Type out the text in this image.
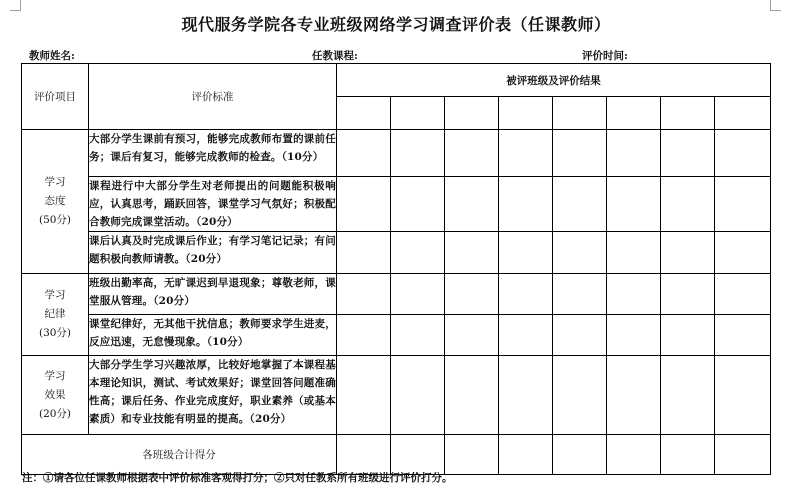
现代服务学院各专业班级网络学习调查评价表（任课教师）
教师姓名:	任教课程:	评价时间:
评价项目	评价标准	被评班级及评价结果							

学习
态度
(50分)	大部分学生课前有预习，能够完成教师布置的课前任务；课后有复习，能够完成教师的检查。（10分）								
	课程进行中大部分学生对老师提出的问题能积极响应，认真思考，踊跃回答，课堂学习气氛好；积极配合教师完成课堂活动。（20分）								
	课后认真及时完成课后作业；有学习笔记记录；有问题积极向教师请教。（20分）								

学习
纪律
(30分)	班级出勤率高，无旷课迟到早退现象；尊敬老师，课堂服从管理。（20分）								
	课堂纪律好，无其他干扰信息；教师要求学生进麦，反应迅速，无怠慢现象。（10分）								

学习
效果
(20分)	大部分学生学习兴趣浓厚，比较好地掌握了本课程基本理论知识，测试、考试效果好；课堂回答问题准确性高；课后任务、作业完成度好，职业素养（或基本素质）和专业技能有明显的提高。（20分）								
各班级合计得分									
注：①请各位任课教师根据表中评价标准客观得打分；②只对任教系所有班级进行评价打分。
